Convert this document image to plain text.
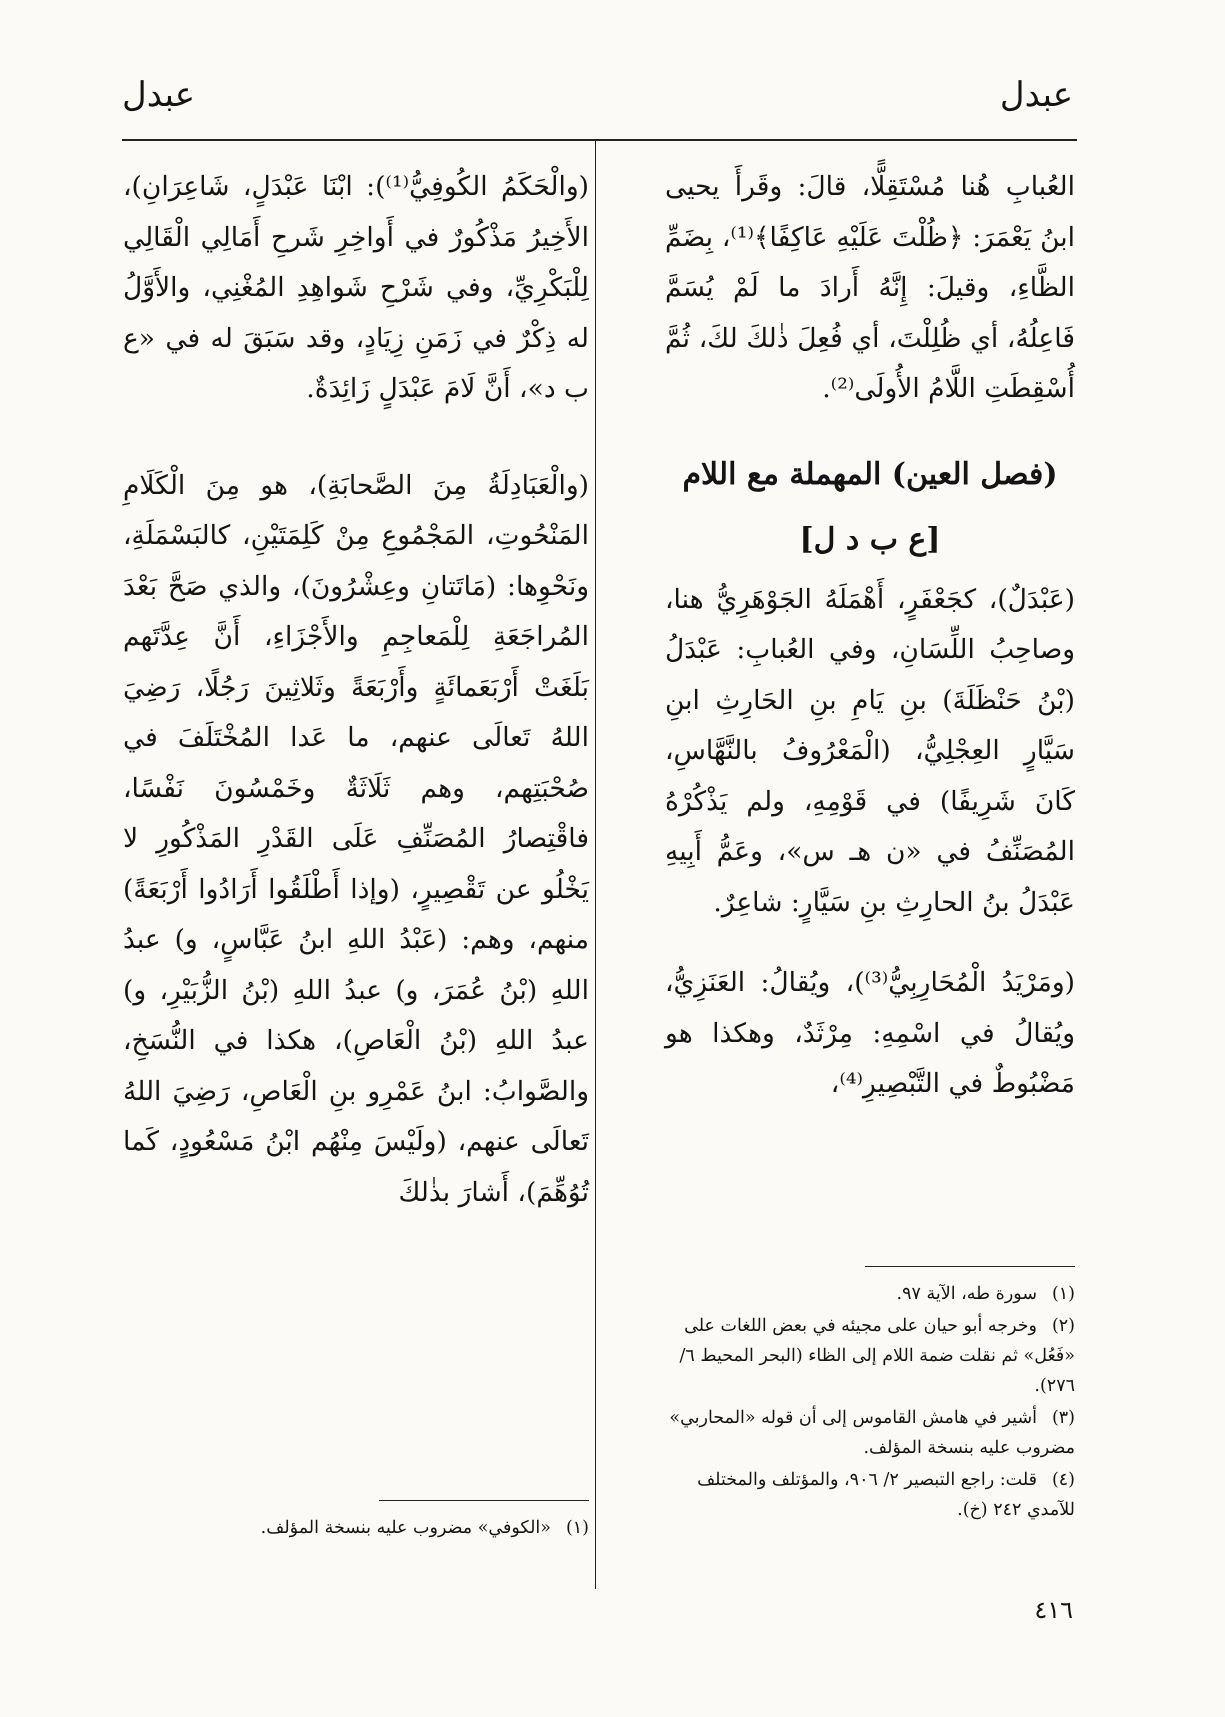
عبدل
عبدل

العُبابِ هُنا مُسْتَقِلًّا، قالَ: وقَرأَ يحيى ابنُ يَعْمَرَ: ﴿ظُلْتَ عَلَيْهِ عَاكِفًا﴾⁽¹⁾، بِضَمِّ الظَّاءِ، وقيلَ: إِنَّهُ أَرادَ ما لَمْ يُسَمَّ فَاعِلُهُ، أي ظُلِلْتَ، أي فُعِلَ ذٰلكَ لكَ، ثُمَّ أُسْقِطَتِ اللَّامُ الأُولَى⁽²⁾.

(فصل العين) المهملة مع اللام
[ع ب د ل]

(عَبْدَلٌ)، كجَعْفَرٍ، أَهْمَلَهُ الجَوْهَرِيُّ هنا، وصاحِبُ اللِّسَانِ، وفي العُبابِ: عَبْدَلُ (بْنُ حَنْظَلَةَ) بنِ يَامِ بنِ الحَارِثِ ابنِ سَيَّارٍ العِجْلِيُّ، (الْمَعْرُوفُ بالنَّهَّاسِ، كَانَ شَرِيفًا) في قَوْمِهِ، ولم يَذْكُرْهُ المُصَنِّفُ في «ن هـ س»، وعَمُّ أَبِيهِ عَبْدَلُ بنُ الحارِثِ بنِ سَيَّارٍ: شاعِرٌ.

(ومَرْيَدُ الْمُحَارِبِيُّ⁽³⁾)، ويُقالُ: العَنَزِيُّ، ويُقالُ في اسْمِهِ: مِرْثَدٌ، وهكذا هو مَضْبُوطٌ في التَّبْصِيرِ⁽⁴⁾،

(١)سورة طه، الآية ٩٧.

(٢)وخرجه أبو حيان على مجيئه في بعض اللغات على «فَعُل» ثم نقلت ضمة اللام إلى الظاء (البحر المحيط ٦/ ٢٧٦).

(٣)أشير في هامش القاموس إلى أن قوله «المحاربي» مضروب عليه بنسخة المؤلف.

(٤)قلت: راجع التبصير ٢/ ٩٠٦، والمؤتلف والمختلف للآمدي ٢٤٢ (خ).

(والْحَكَمُ الكُوفِيُّ⁽¹⁾): ابْنَا عَبْدَلٍ، شَاعِرَانِ)، الأَخِيرُ مَذْكُورٌ في أَواخِرِ شَرحِ أَمَالِي الْقَالِي لِلْبَكْرِيِّ، وفي شَرْحِ شَواهِدِ المُغْنِي، والأَوَّلُ له ذِكْرٌ في زَمَنِ زِيَادٍ، وقد سَبَقَ له في «ع ب د»، أَنَّ لَامَ عَبْدَلٍ زَائِدَةٌ.

(والْعَبَادِلَةُ مِنَ الصَّحابَةِ)، هو مِنَ الْكَلَامِ المَنْحُوتِ، المَجْمُوعِ مِنْ كَلِمَتَيْنِ، كالبَسْمَلَةِ، ونَحْوِها: (مَاتَتانِ وعِشْرُونَ)، والذي صَحَّ بَعْدَ المُراجَعَةِ لِلْمَعاجِمِ والأَجْزَاءِ، أَنَّ عِدَّتَهم بَلَغَتْ أَرْبَعَمائَةٍ وأَرْبَعَةً وثَلاثِينَ رَجُلًا، رَضِيَ اللهُ تَعالَى عنهم، ما عَدا المُخْتَلَفَ في صُحْبَتِهم، وهم ثَلَاثَةٌ وخَمْسُونَ نَفْسًا، فاقْتِصارُ المُصَنِّفِ عَلَى القَدْرِ المَذْكُورِ لا يَخْلُو عن تَقْصِيرٍ، (وإذا أَطْلَقُوا أَرَادُوا أَرْبَعَةً) منهم، وهم: (عَبْدُ اللهِ ابنُ عَبَّاسٍ، و) عبدُ اللهِ (بْنُ عُمَرَ، و) عبدُ اللهِ (بْنُ الزُّبَيْرِ، و) عبدُ اللهِ (بْنُ الْعَاصِ)، هكذا في النُّسَخِ، والصَّوابُ: ابنُ عَمْرِو بنِ الْعَاصِ، رَضِيَ اللهُ تَعالَى عنهم، (ولَيْسَ مِنْهُم ابْنُ مَسْعُودٍ، كَما تُوُهِّمَ)، أَشارَ بذٰلكَ

(١)«الكوفي» مضروب عليه بنسخة المؤلف.

٤١٦
